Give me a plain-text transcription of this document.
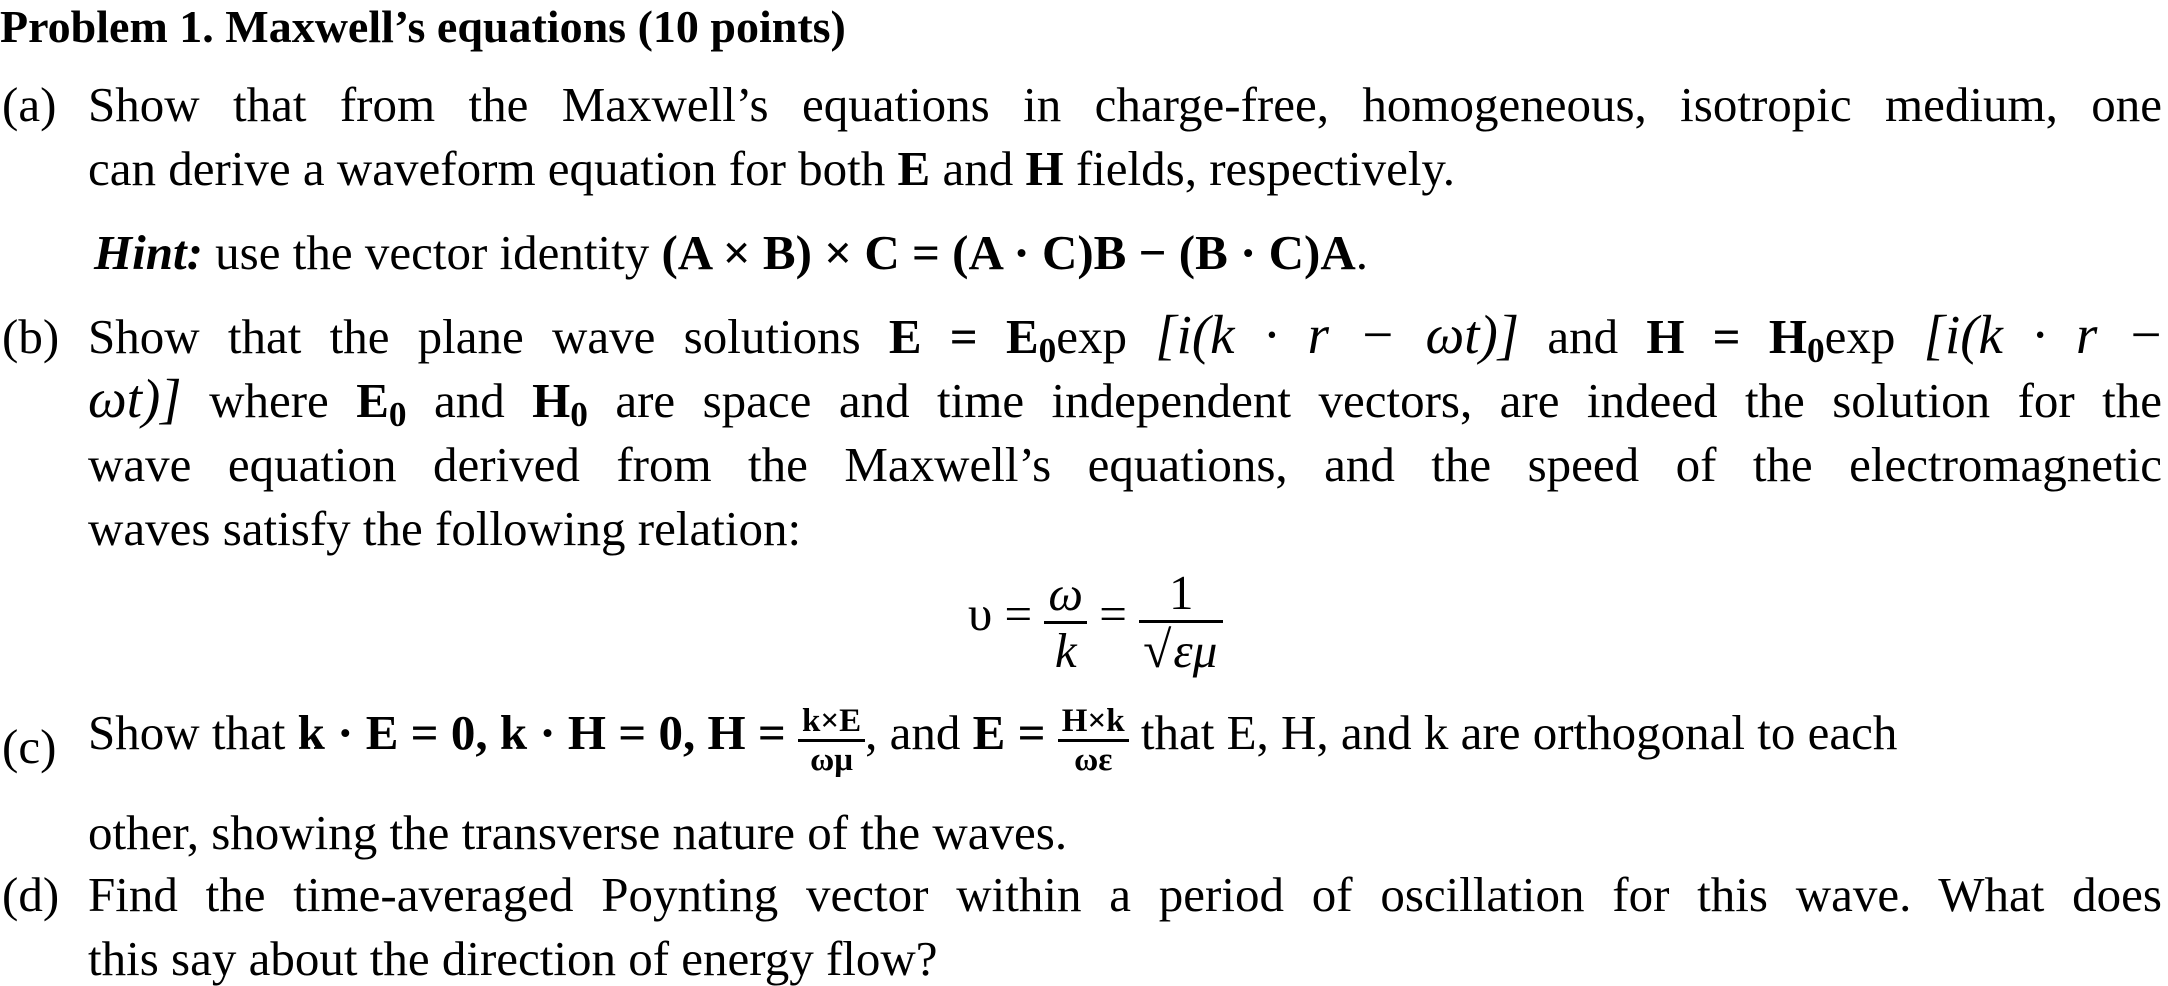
Problem 1. Maxwell’s equations (10 points)
(a) Show that from the Maxwell’s equations in charge-free, homogeneous, isotropic medium, one
can derive a waveform equation for both E and H fields, respectively.
Hint: use the vector identity (A × B) × C = (A · C)B − (B · C)A.
(b) Show that the plane wave solutions $E = E_0\exp$ [i(k · r − ωt)] and $H = H_0\exp$ [i(k · r −
ωt)] where $E_0$ and $H_0$ are space and time independent vectors, are indeed the solution for the
wave equation derived from the Maxwell’s equations, and the speed of the electromagnetic
waves satisfy the following relation:
$\upsilon = \frac{\omega}{k} = \frac{1}{√\varepsilon\mu}$
(c) Show that k · E = 0, k · H = 0, $H = \frac{k\times E}{\omega\mu}$ , and $E = \frac{H\times k}{\omega\varepsilon}$ that E, H, and k are orthogonal to each
other, showing the transverse nature of the waves.
(d) Find the time-averaged Poynting vector within a period of oscillation for this wave. What does
this say about the direction of energy flow?
